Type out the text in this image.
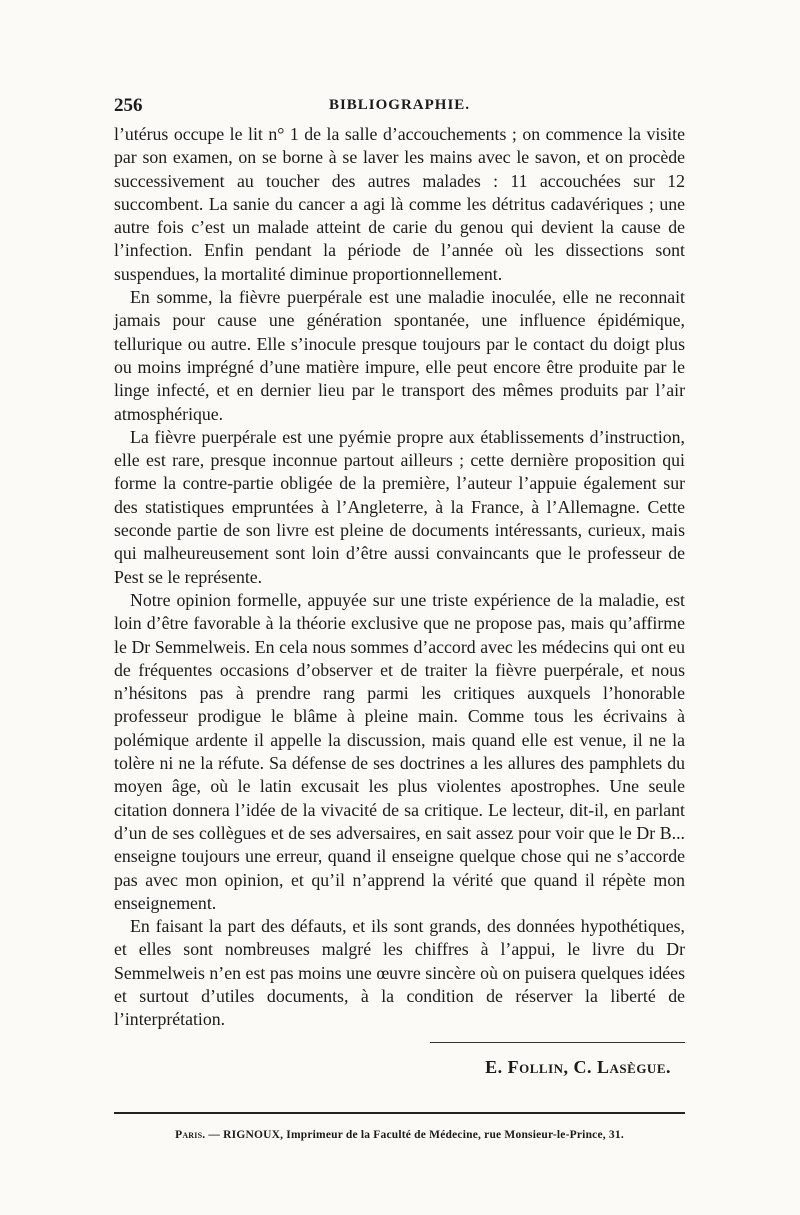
256	BIBLIOGRAPHIE.

l’utérus occupe le lit n° 1 de la salle d’accouchements ; on commence la visite par son examen, on se borne à se laver les mains avec le savon, et on procède successivement au toucher des autres malades : 11 accouchées sur 12 succombent. La sanie du cancer a agi là comme les détritus cadavériques ; une autre fois c’est un malade atteint de carie du genou qui devient la cause de l’infection. Enfin pendant la période de l’année où les dissections sont suspendues, la mortalité diminue proportionnellement.

En somme, la fièvre puerpérale est une maladie inoculée, elle ne reconnait jamais pour cause une génération spontanée, une influence épidémique, tellurique ou autre. Elle s’inocule presque toujours par le contact du doigt plus ou moins imprégné d’une matière impure, elle peut encore être produite par le linge infecté, et en dernier lieu par le transport des mêmes produits par l’air atmosphérique.

La fièvre puerpérale est une pyémie propre aux établissements d’instruction, elle est rare, presque inconnue partout ailleurs ; cette dernière proposition qui forme la contre-partie obligée de la première, l’auteur l’appuie également sur des statistiques empruntées à l’Angleterre, à la France, à l’Allemagne. Cette seconde partie de son livre est pleine de documents intéressants, curieux, mais qui malheureusement sont loin d’être aussi convaincants que le professeur de Pest se le représente.

Notre opinion formelle, appuyée sur une triste expérience de la maladie, est loin d’être favorable à la théorie exclusive que ne propose pas, mais qu’affirme le Dr Semmelweis. En cela nous sommes d’accord avec les médecins qui ont eu de fréquentes occasions d’observer et de traiter la fièvre puerpérale, et nous n’hésitons pas à prendre rang parmi les critiques auxquels l’honorable professeur prodigue le blâme à pleine main. Comme tous les écrivains à polémique ardente il appelle la discussion, mais quand elle est venue, il ne la tolère ni ne la réfute. Sa défense de ses doctrines a les allures des pamphlets du moyen âge, où le latin excusait les plus violentes apostrophes. Une seule citation donnera l’idée de la vivacité de sa critique. Le lecteur, dit-il, en parlant d’un de ses collègues et de ses adversaires, en sait assez pour voir que le Dr B... enseigne toujours une erreur, quand il enseigne quelque chose qui ne s’accorde pas avec mon opinion, et qu’il n’apprend la vérité que quand il répète mon enseignement.

En faisant la part des défauts, et ils sont grands, des données hypothétiques, et elles sont nombreuses malgré les chiffres à l’appui, le livre du Dr Semmelweis n’en est pas moins une œuvre sincère où on puisera quelques idées et surtout d’utiles documents, à la condition de réserver la liberté de l’interprétation.

E. Follin, C. Lasègue.
Paris. — RIGNOUX, Imprimeur de la Faculté de Médecine, rue Monsieur-le-Prince, 31.
